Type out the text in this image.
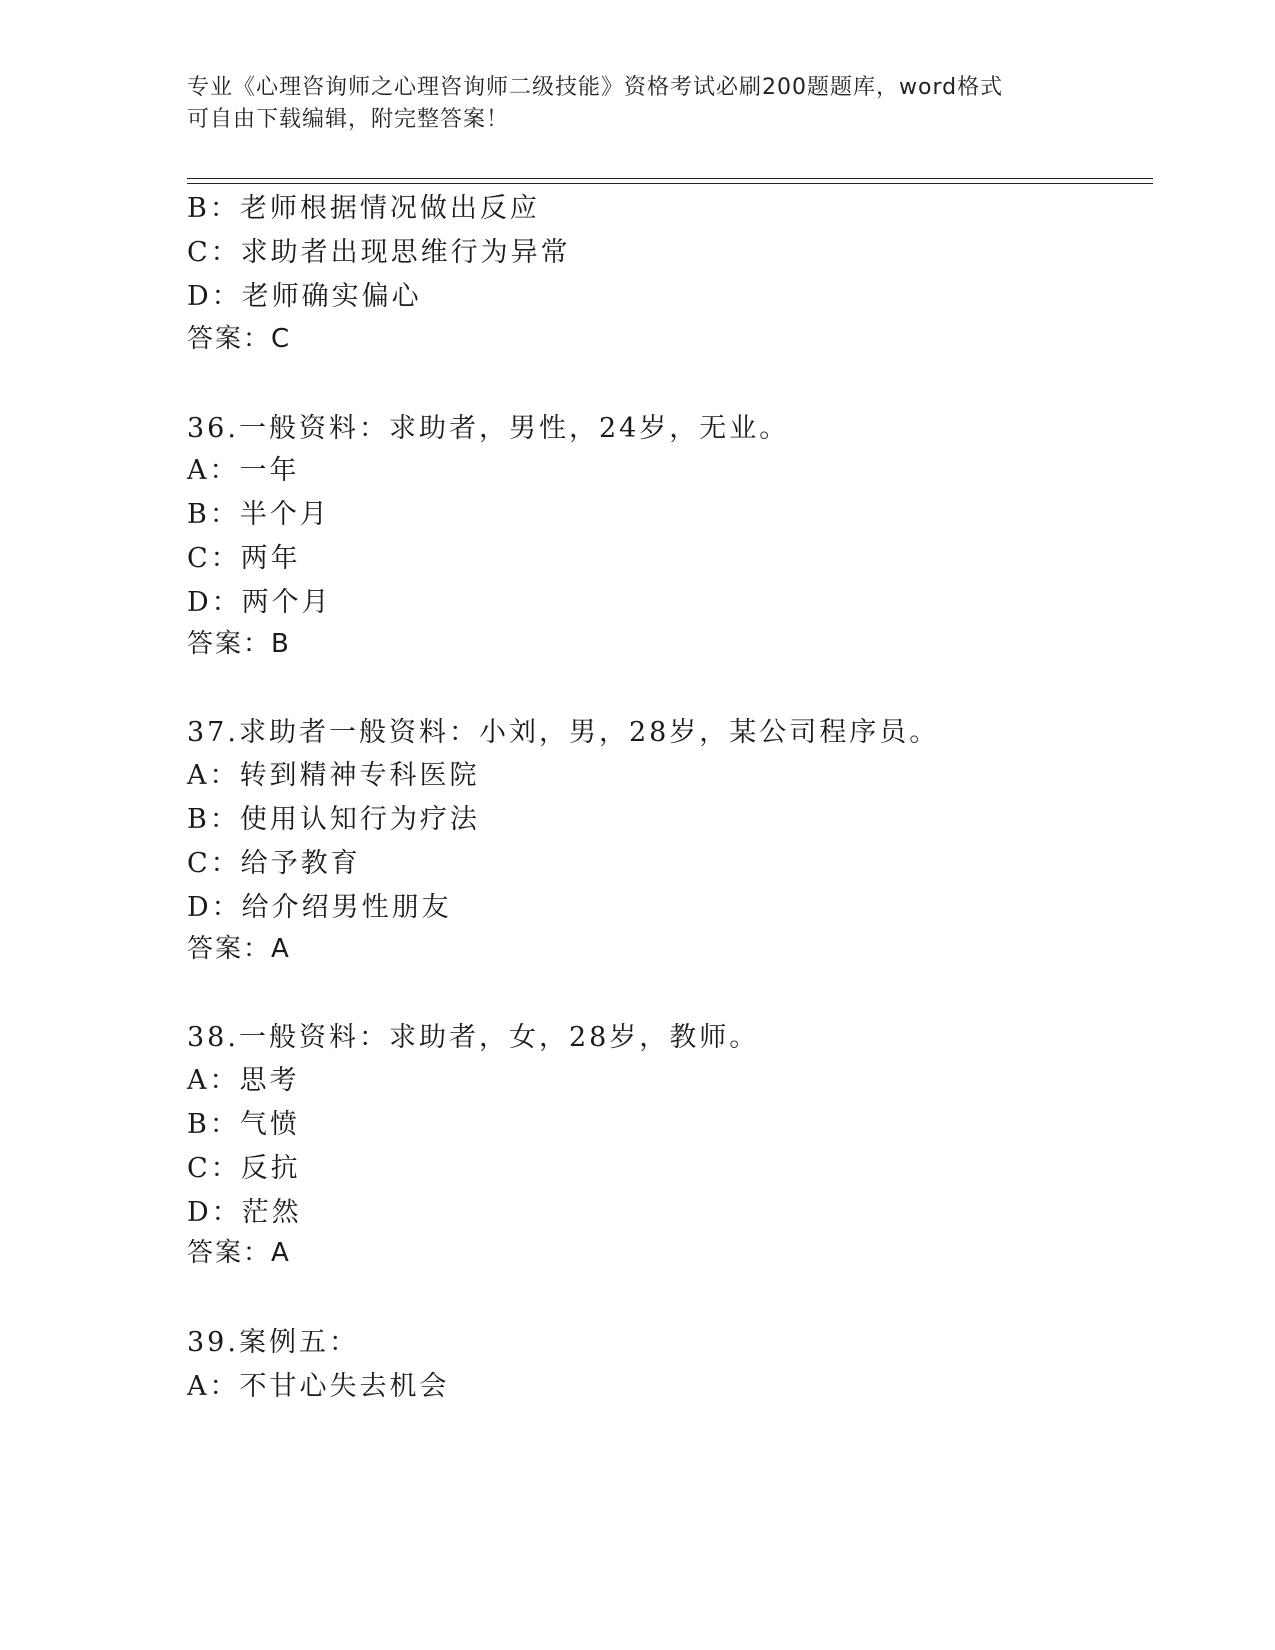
专业《心理咨询师之心理咨询师二级技能》资格考试必刷200题题库，word格式
可自由下载编辑，附完整答案！
B：老师根据情况做出反应
C：求助者出现思维行为异常
D：老师确实偏心
答案：C
36.一般资料：求助者，男性，24岁，无业。
A：一年
B：半个月
C：两年
D：两个月
答案：B
37.求助者一般资料：小刘，男，28岁，某公司程序员。
A：转到精神专科医院
B：使用认知行为疗法
C：给予教育
D：给介绍男性朋友
答案：A
38.一般资料：求助者，女，28岁，教师。
A：思考
B：气愤
C：反抗
D：茫然
答案：A
39.案例五：
A：不甘心失去机会
